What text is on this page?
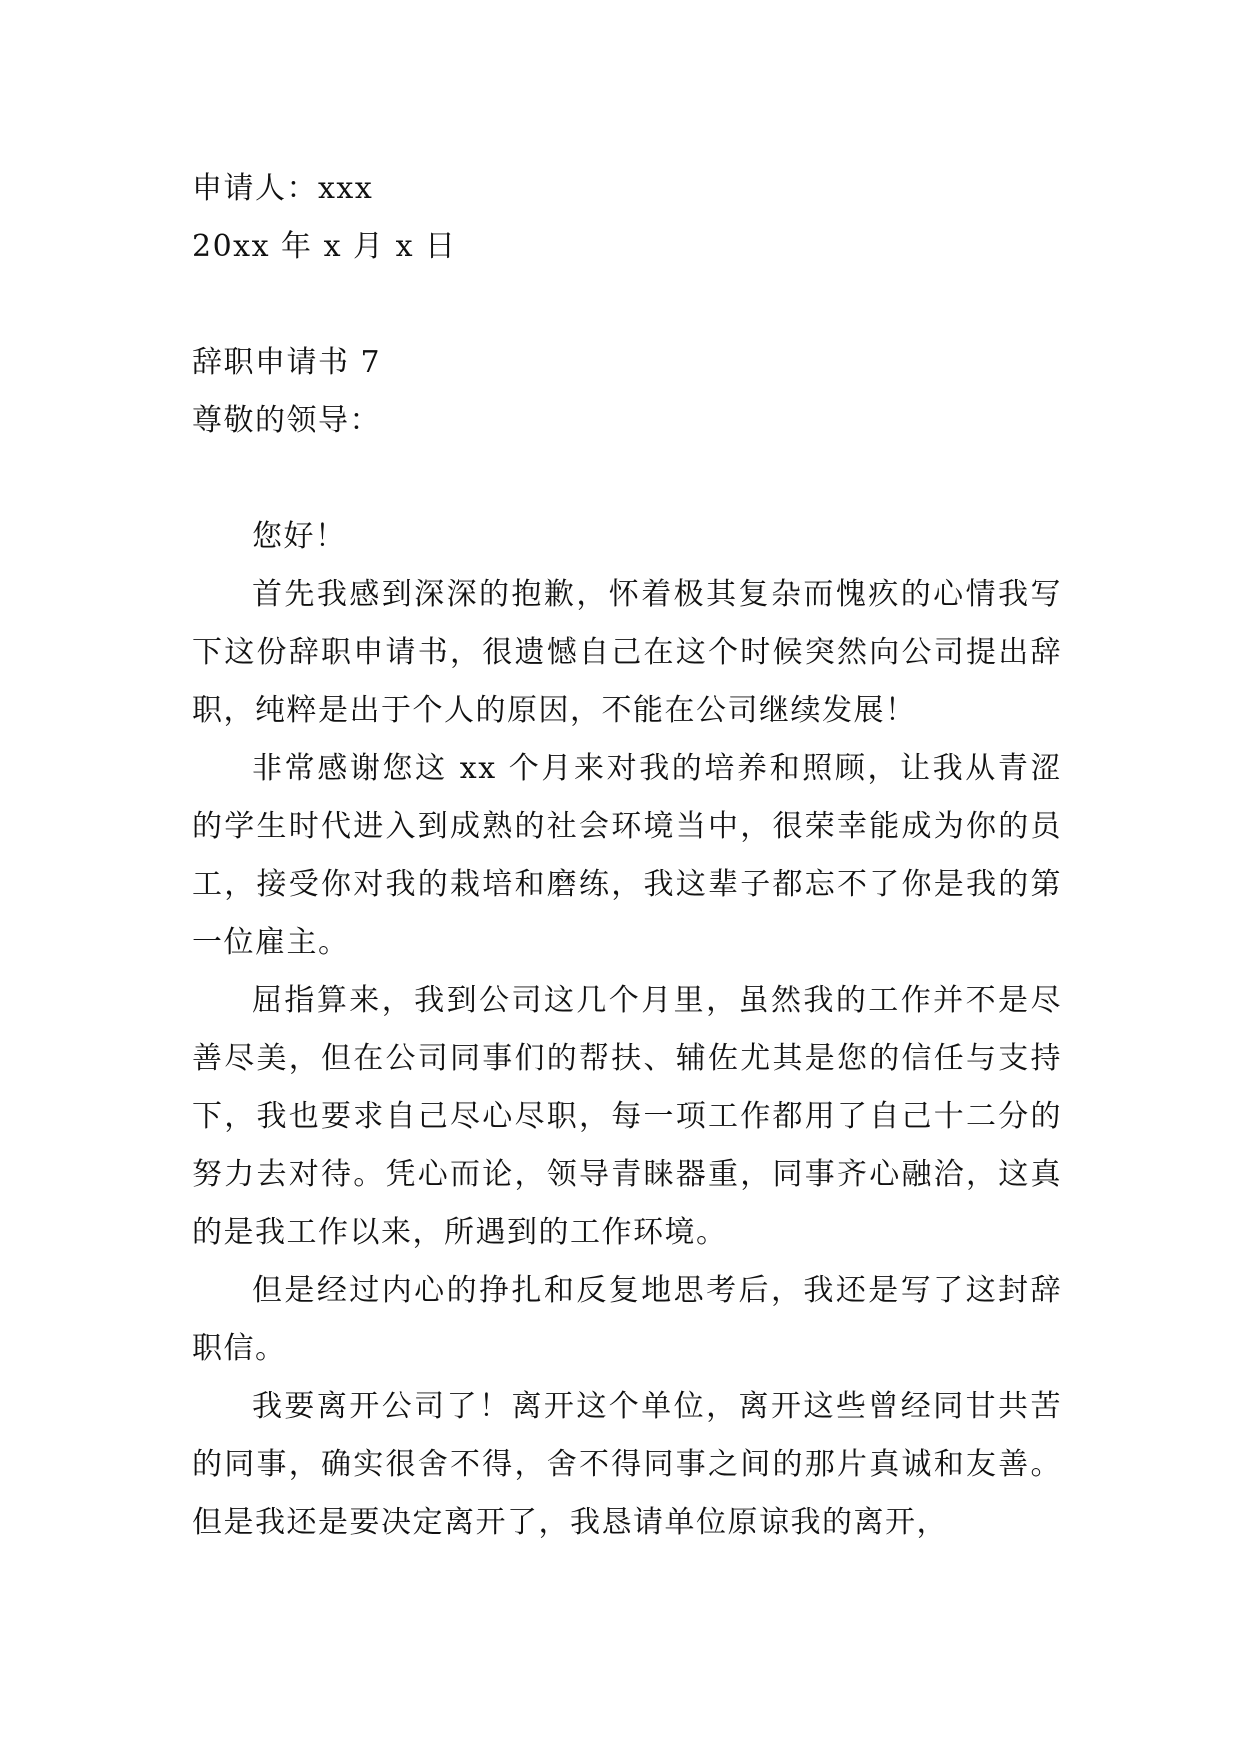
申请人：xxx
20xx 年 x 月 x 日
辞职申请书 7
尊敬的领导：

您好！

首先我感到深深的抱歉，怀着极其复杂而愧疚的心情我写下这份辞职申请书，很遗憾自己在这个时候突然向公司提出辞职，纯粹是出于个人的原因，不能在公司继续发展！

非常感谢您这 xx 个月来对我的培养和照顾，让我从青涩的学生时代进入到成熟的社会环境当中，很荣幸能成为你的员工，接受你对我的栽培和磨练，我这辈子都忘不了你是我的第一位雇主。

屈指算来，我到公司这几个月里，虽然我的工作并不是尽善尽美，但在公司同事们的帮扶、辅佐尤其是您的信任与支持下，我也要求自己尽心尽职，每一项工作都用了自己十二分的努力去对待。凭心而论，领导青睐器重，同事齐心融洽，这真的是我工作以来，所遇到的工作环境。

但是经过内心的挣扎和反复地思考后，我还是写了这封辞职信。

我要离开公司了！离开这个单位，离开这些曾经同甘共苦的同事，确实很舍不得，舍不得同事之间的那片真诚和友善。但是我还是要决定离开了，我恳请单位原谅我的离开，
